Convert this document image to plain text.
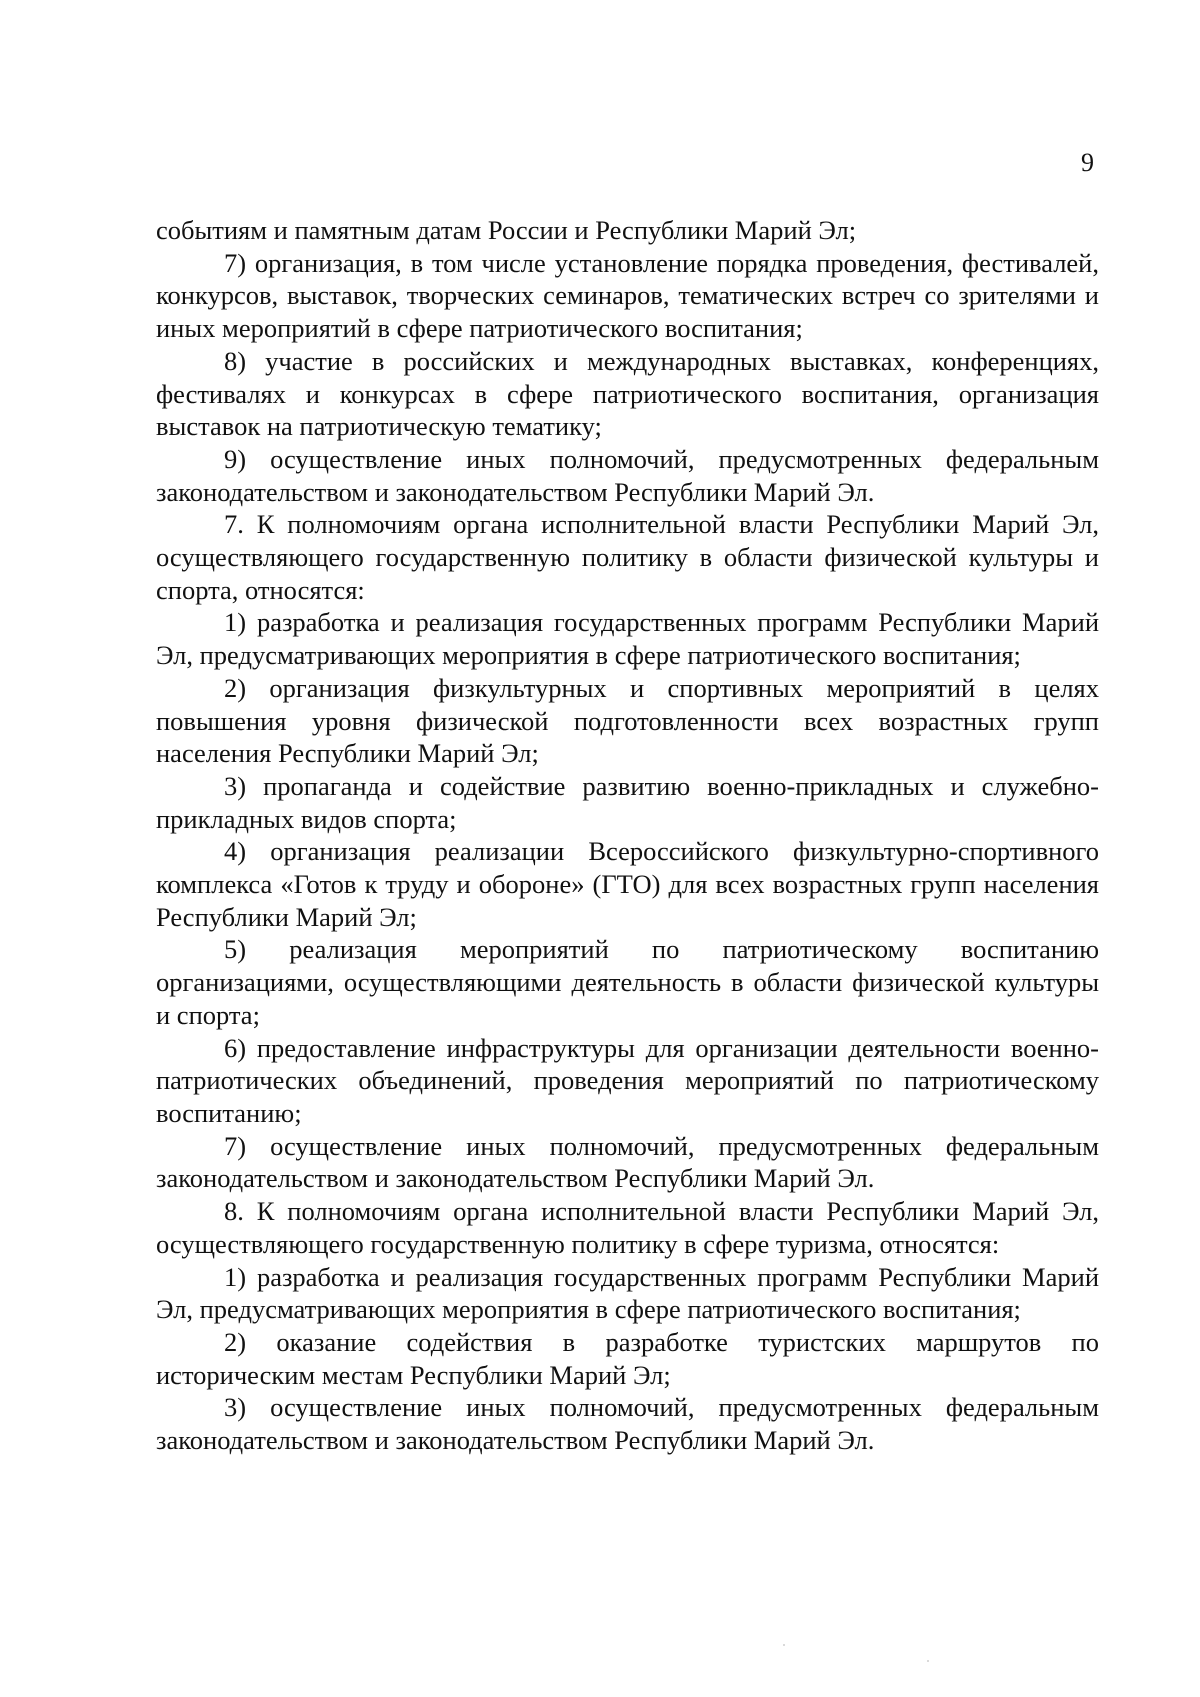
9

событиям и памятным датам России и Республики Марий Эл;

7) организация, в том числе установление порядка проведения, фестивалей, конкурсов, выставок, творческих семинаров, тематических встреч со зрителями и иных мероприятий в сфере патриотического воспитания;

8) участие в российских и международных выставках, конференциях, фестивалях и конкурсах в сфере патриотического воспитания, организация выставок на патриотическую тематику;

9) осуществление иных полномочий, предусмотренных федеральным законодательством и законодательством Республики Марий Эл.

7. К полномочиям органа исполнительной власти Республики Марий Эл, осуществляющего государственную политику в области физической культуры и спорта, относятся:

1) разработка и реализация государственных программ Республики Марий Эл, предусматривающих мероприятия в сфере патриотического воспитания;

2) организация физкультурных и спортивных мероприятий в целях повышения уровня физической подготовленности всех возрастных групп населения Республики Марий Эл;

3) пропаганда и содействие развитию военно-прикладных и служебно-прикладных видов спорта;

4) организация реализации Всероссийского физкультурно-спортивного комплекса «Готов к труду и обороне» (ГТО) для всех возрастных групп населения Республики Марий Эл;

5) реализация мероприятий по патриотическому воспитанию организациями, осуществляющими деятельность в области физической культуры и спорта;

6) предоставление инфраструктуры для организации деятельности военно-патриотических объединений, проведения мероприятий по патриотическому воспитанию;

7) осуществление иных полномочий, предусмотренных федеральным законодательством и законодательством Республики Марий Эл.

8. К полномочиям органа исполнительной власти Республики Марий Эл, осуществляющего государственную политику в сфере туризма, относятся:

1) разработка и реализация государственных программ Республики Марий Эл, предусматривающих мероприятия в сфере патриотического воспитания;

2) оказание содействия в разработке туристских маршрутов по историческим местам Республики Марий Эл;

3) осуществление иных полномочий, предусмотренных федеральным законодательством и законодательством Республики Марий Эл.
